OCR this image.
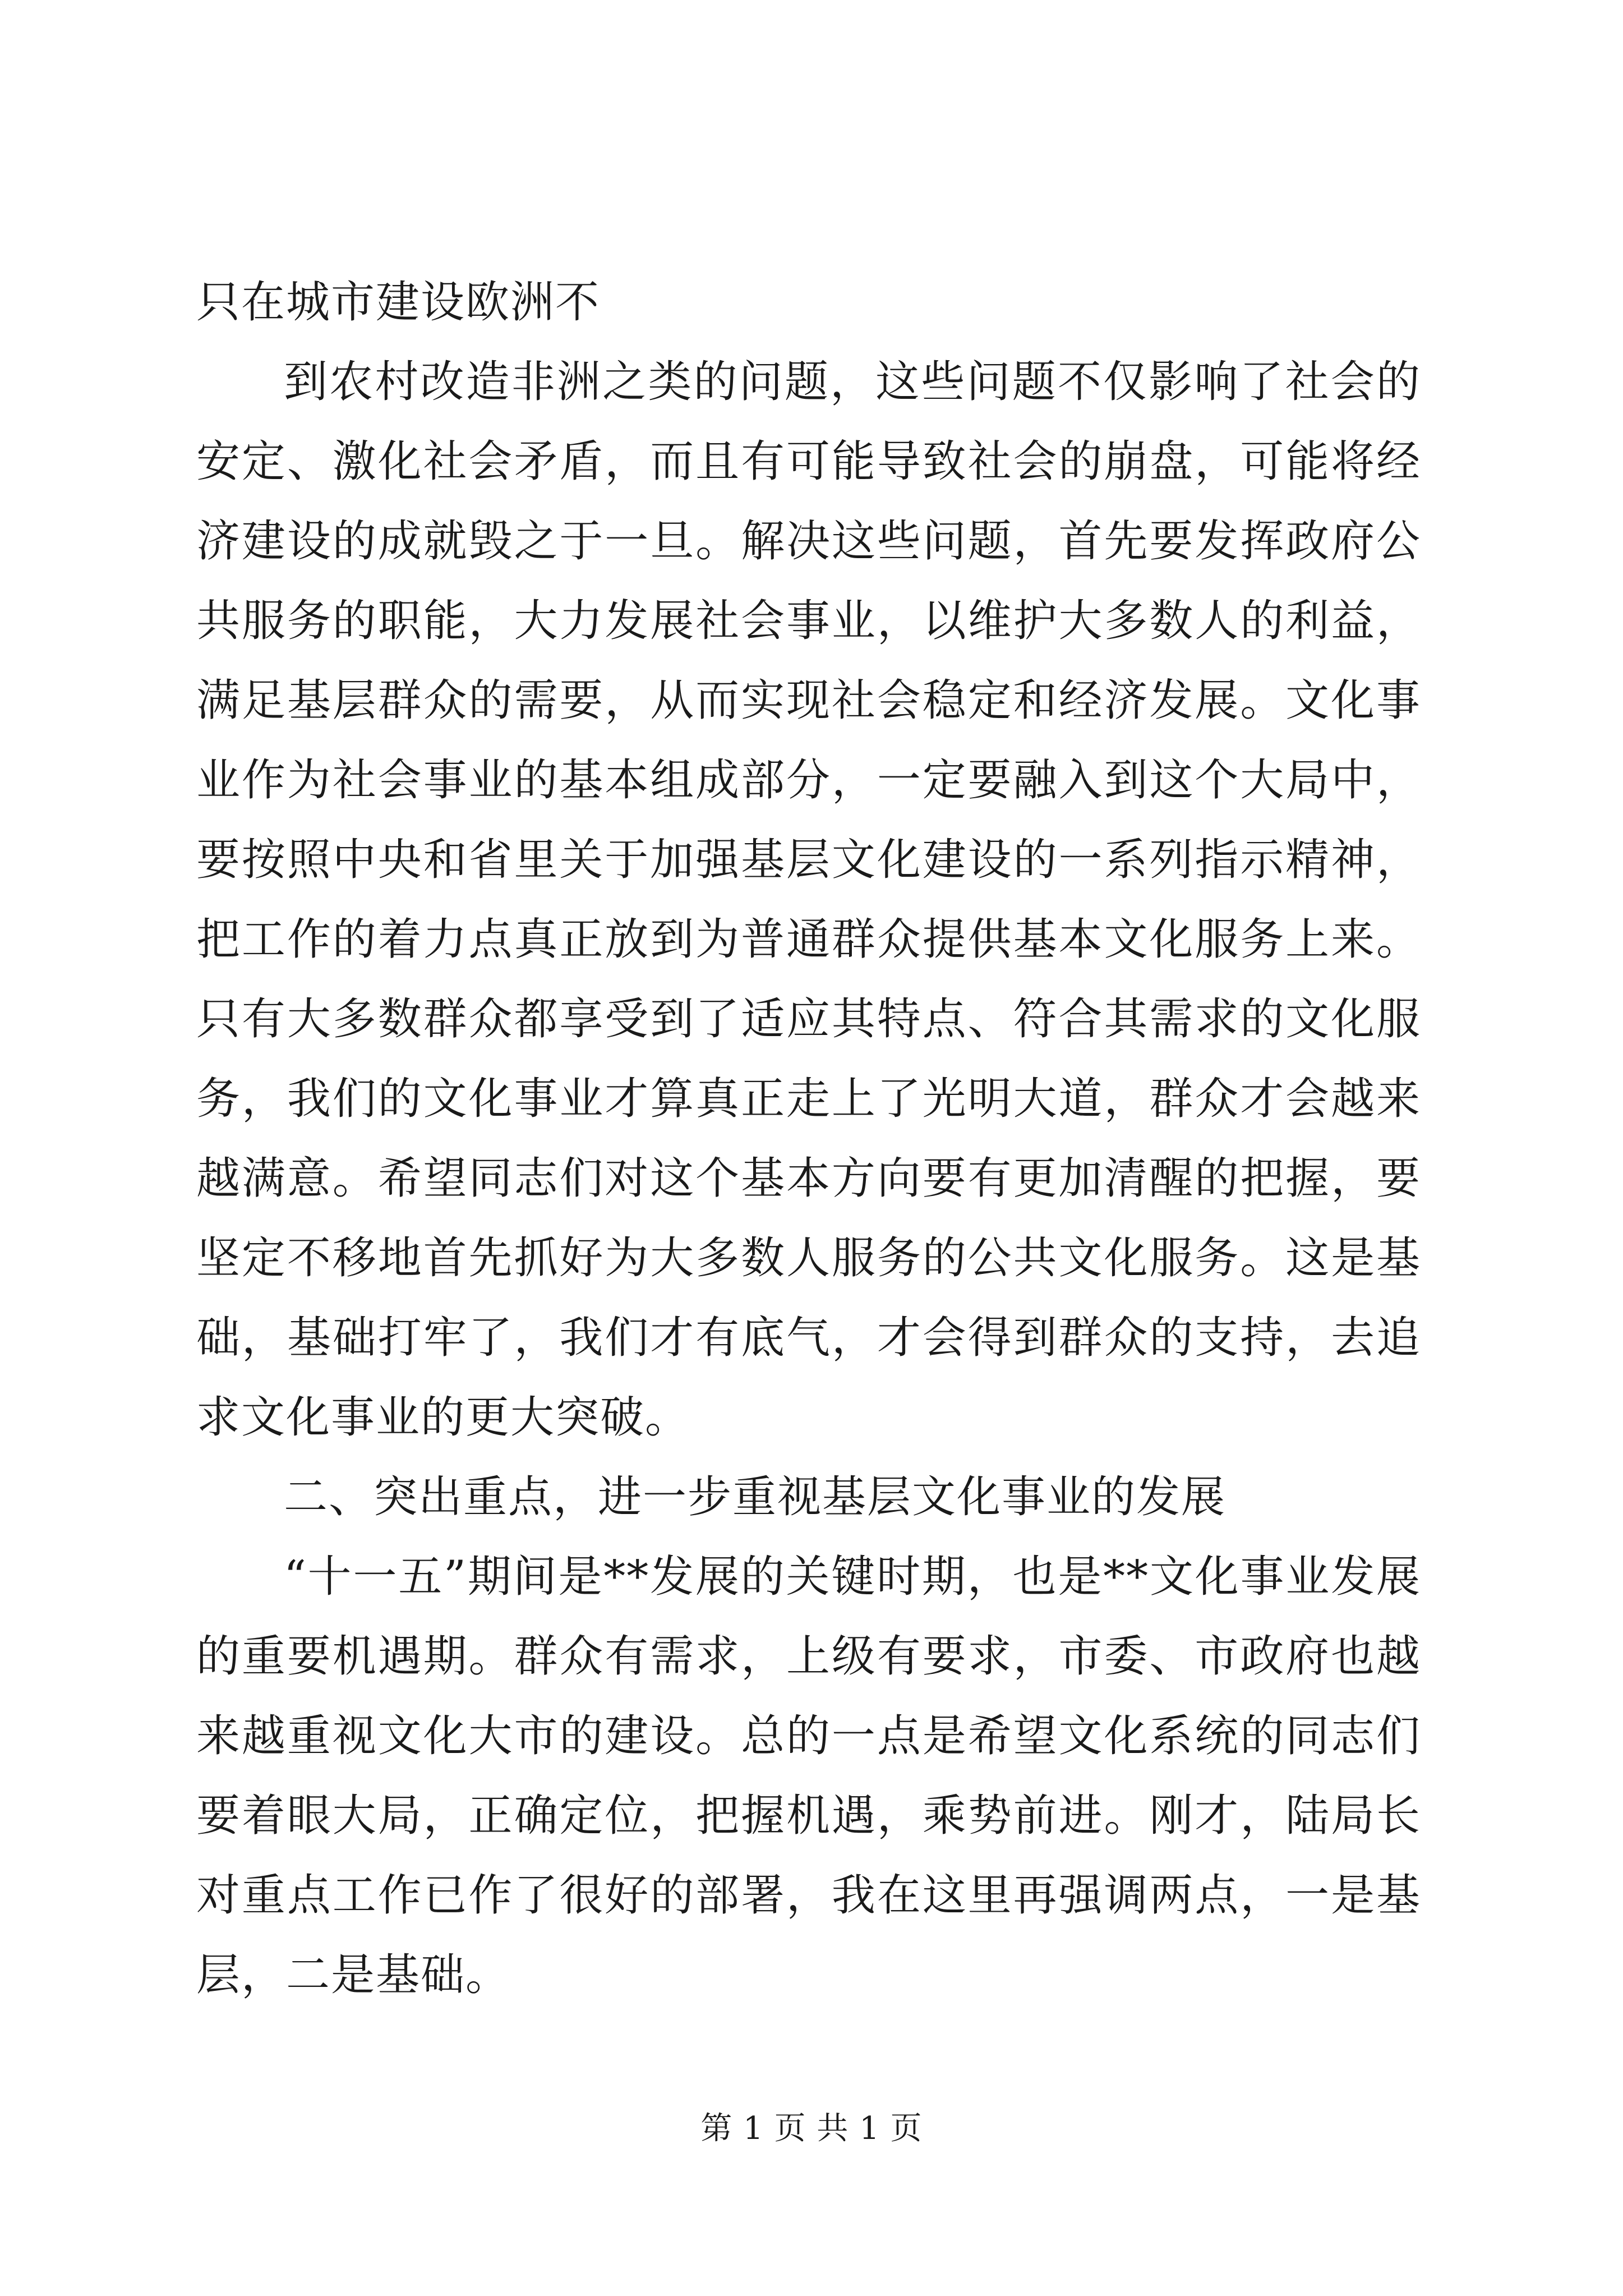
只在城市建设欧洲不

到农村改造非洲之类的问题，这些问题不仅影响了社会的安定、激化社会矛盾，而且有可能导致社会的崩盘，可能将经济建设的成就毁之于一旦。解决这些问题，首先要发挥政府公共服务的职能，大力发展社会事业，以维护大多数人的利益，满足基层群众的需要，从而实现社会稳定和经济发展。文化事业作为社会事业的基本组成部分，一定要融入到这个大局中，要按照中央和省里关于加强基层文化建设的一系列指示精神，把工作的着力点真正放到为普通群众提供基本文化服务上来。只有大多数群众都享受到了适应其特点、符合其需求的文化服务，我们的文化事业才算真正走上了光明大道，群众才会越来越满意。希望同志们对这个基本方向要有更加清醒的把握，要坚定不移地首先抓好为大多数人服务的公共文化服务。这是基础，基础打牢了，我们才有底气，才会得到群众的支持，去追求文化事业的更大突破。

二、突出重点，进一步重视基层文化事业的发展

“十一五”期间是**发展的关键时期，也是**文化事业发展的重要机遇期。群众有需求，上级有要求，市委、市政府也越来越重视文化大市的建设。总的一点是希望文化系统的同志们要着眼大局，正确定位，把握机遇，乘势前进。刚才，陆局长对重点工作已作了很好的部署，我在这里再强调两点，一是基层，二是基础。

第 1 页 共 1 页
